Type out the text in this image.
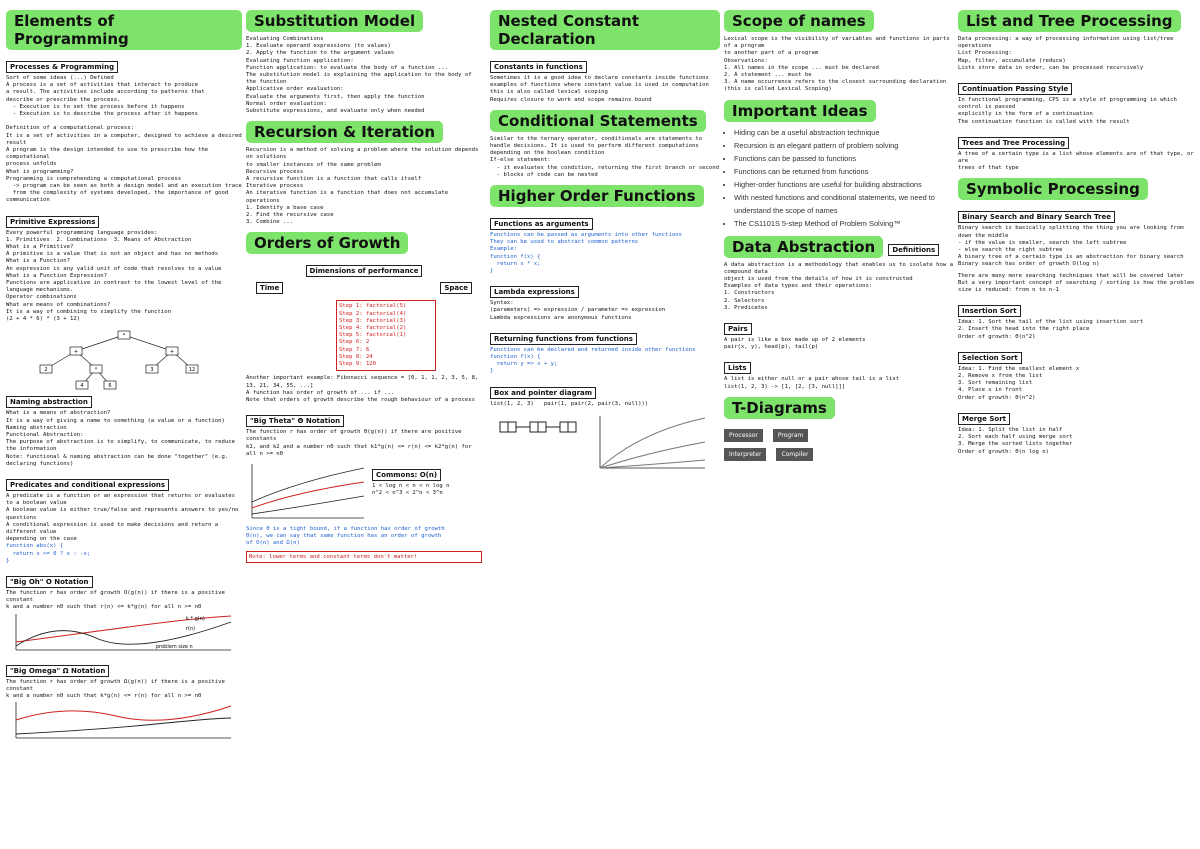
Elements of Programming
Processes & Programming
Sort of some ideas (...) Defined
A process is a set of activities that interact to produce
a result. The activities include according to patterns that
describe or prescribe the process.
- Execution is to set the process before it happens
- Execution is to describe the process after it happens

Definition of a computational process:
It is a set of activities in a computer, designed to achieve a desired result
A program is the design intended to use to prescribe how the computational
process unfolds
What is programming?
Programming is comprehending a computational process
-> program can be seen as both a design model and an execution trace
from the complexity of systems developed, the importance of good communication
Primitive Expressions
Every powerful programming language provides:
1. Primitives  2. Combinations  3. Means of Abstraction
What is a Primitive?
A primitive is a value that is not an object and has no methods
What is a Function?
An expression is any valid unit of code that resolves to a value
What is a Function Expression?
Functions are applicative in contrast to the lowest level of the language mechanisms.
Operator combinations
What are means of combinations?
It is a way of combining to simplify the function
(2 + 4 * 6) * (3 + 12)
*
+	+
2	*	3	12
4	6
Naming abstraction
What is a means of abstraction?
It is a way of giving a name to something (a value or a function)
Naming abstraction
Functional Abstraction:
The purpose of abstraction is to simplify, to communicate, to reduce the information
Note: functional & naming abstraction can be done "together" (e.g. declaring functions)
Predicates and conditional expressions
A predicate is a function or an expression that returns or evaluates to a boolean value
A boolean value is either true/false and represents answers to yes/no questions
A conditional expression is used to make decisions and return a different value
depending on the case
function abs(x) {
return x >= 0 ? x : -x;
}
"Big Oh" O Notation
The function r has order of growth O(g(n)) if there is a positive constant
k and a number n0 such that r(n) <= k*g(n) for all n >= n0
k * g(n)
r(n)
problem size n
"Big Omega" Ω Notation
The function r has order of growth Ω(g(n)) if there is a positive constant
k and a number n0 such that k*g(n) <= r(n) for all n >= n0
Substitution Model
Evaluating Combinations
1. Evaluate operand expressions (to values)
2. Apply the function to the argument values
Evaluating function application:
Function application: to evaluate the body of a function ...
The substitution model is explaining the application to the body of the function
Applicative order evaluation:
Evaluate the arguments first, then apply the function
Normal order evaluation:
Substitute expressions, and evaluate only when needed
Recursion & Iteration
Recursion is a method of solving a problem where the solution depends on solutions
to smaller instances of the same problem
Recursive process
A recursive function is a function that calls itself
Iterative process
An iterative function is a function that does not accumulate operations
1. Identify a base case
2. Find the recursive case
3. Combine ...
Orders of Growth
Dimensions of performance
Time	Space
Step 1: factorial(5)
Step 2: factorial(4)
Step 3: factorial(3)
Step 4: factorial(2)
Step 5: factorial(1)
Step 6: 2
Step 7: 6
Step 8: 24
Step 9: 120
Another important example: Fibonacci sequence = [0, 1, 1, 2, 3, 5, 8, 13, 21, 34, 55, ...]
A function has order of growth of ... if ...
Note that orders of growth describe the rough behaviour of a process
"Big Theta" Θ Notation
The function r has order of growth Θ(g(n)) if there are positive constants
k1, and k2 and a number n0 such that k1*g(n) <= r(n) <= k2*g(n) for all n >= n0
Commons: O(n)
1 < log n < n < n log n
n^2 < n^3 < 2^n < 3^n
Since Θ is a tight bound, if a function has order of growth
Θ(n), we can say that same function has an order of growth
of O(n) and Ω(n)
Note: lower terms and constant terms don't matter!
Nested Constant Declaration Constants in functions
Sometimes it is a good idea to declare constants inside functions
examples of functions where constant value is used in computation
this is also called lexical scoping
Requires closure to work and scope remains bound
Conditional Statements
Similar to the ternary operator, conditionals are statements to handle decisions. It is used to perform different computations depending on the boolean condition
If-else statement:
- it evaluates the condition, returning the first branch or second
- blocks of code can be nested
Higher Order Functions Functions as arguments
Functions can be passed as arguments into other functions
They can be used to abstract common patterns
Example:
function f(x) {
return x * x;
}
Lambda expressions
Syntax:
(parameters) => expression / parameter => expression
Lambda expressions are anonymous functions
Returning functions from functions
Functions can be declared and returned inside other functions
function f(x) {
return y => x + y;
}
Box and pointer diagram
list(1, 2, 3)   pair(1, pair(2, pair(3, null)))
Scope of names
Lexical scope is the visibility of variables and functions in parts of a program
to another part of a program
Observations:
1. All names in the scope ... must be declared
2. A statement ... must be
3. A name occurrence refers to the closest surrounding declaration
(this is called Lexical Scoping)
Important Ideas
• Hiding can be a useful abstraction technique
• Recursion is an elegant pattern of problem solving
• Functions can be passed to functions
• Functions can be returned from functions
• Higher-order functions are useful for building abstractions
• With nested functions and conditional statements, we need to understand the scope of names
• The CS1101S 5-step Method of Problem Solving™
Data Abstraction Definitions
A data abstraction is a methodology that enables us to isolate how a compound data
object is used from the details of how it is constructed
Examples of data types and their operations:
1. Constructors
2. Selectors
3. Predicates
Pairs
A pair is like a box made up of 2 elements
pair(x, y), head(p), tail(p)
Lists
A list is either null or a pair whose tail is a list
list(1, 2, 3) -> [1, [2, [3, null]]]
T-Diagrams
Processor	Program
Interpreter	Compiler
List and Tree Processing
Data processing: a way of processing information using list/tree operations
List Processing:
Map, filter, accumulate (reduce)
Lists store data in order, can be processed recursively
Continuation Passing Style
In functional programming, CPS is a style of programming in which control is passed
explicitly in the form of a continuation
The continuation function is called with the result
Trees and Tree Processing
A tree of a certain type is a list whose elements are of that type, or are
trees of that type
Symbolic Processing Binary Search and Binary Search Tree
Binary search is basically splitting the thing you are looking from down the middle
- if the value is smaller, search the left subtree
- else search the right subtree
A binary tree of a certain type is an abstraction for binary search
Binary search has order of growth O(log n)
There are many more searching techniques that will be covered later
But a very important concept of searching / sorting is how the problem size is reduced: from n to n-1
Insertion Sort
Idea: 1. Sort the tail of the list using insertion sort
2. Insert the head into the right place
Order of growth: Θ(n^2)
Selection Sort
Idea: 1. Find the smallest element x
2. Remove x from the list
3. Sort remaining list
4. Place x in front
Order of growth: Θ(n^2)
Merge Sort
Idea: 1. Split the list in half
2. Sort each half using merge sort
3. Merge the sorted lists together
Order of growth: Θ(n log n)
